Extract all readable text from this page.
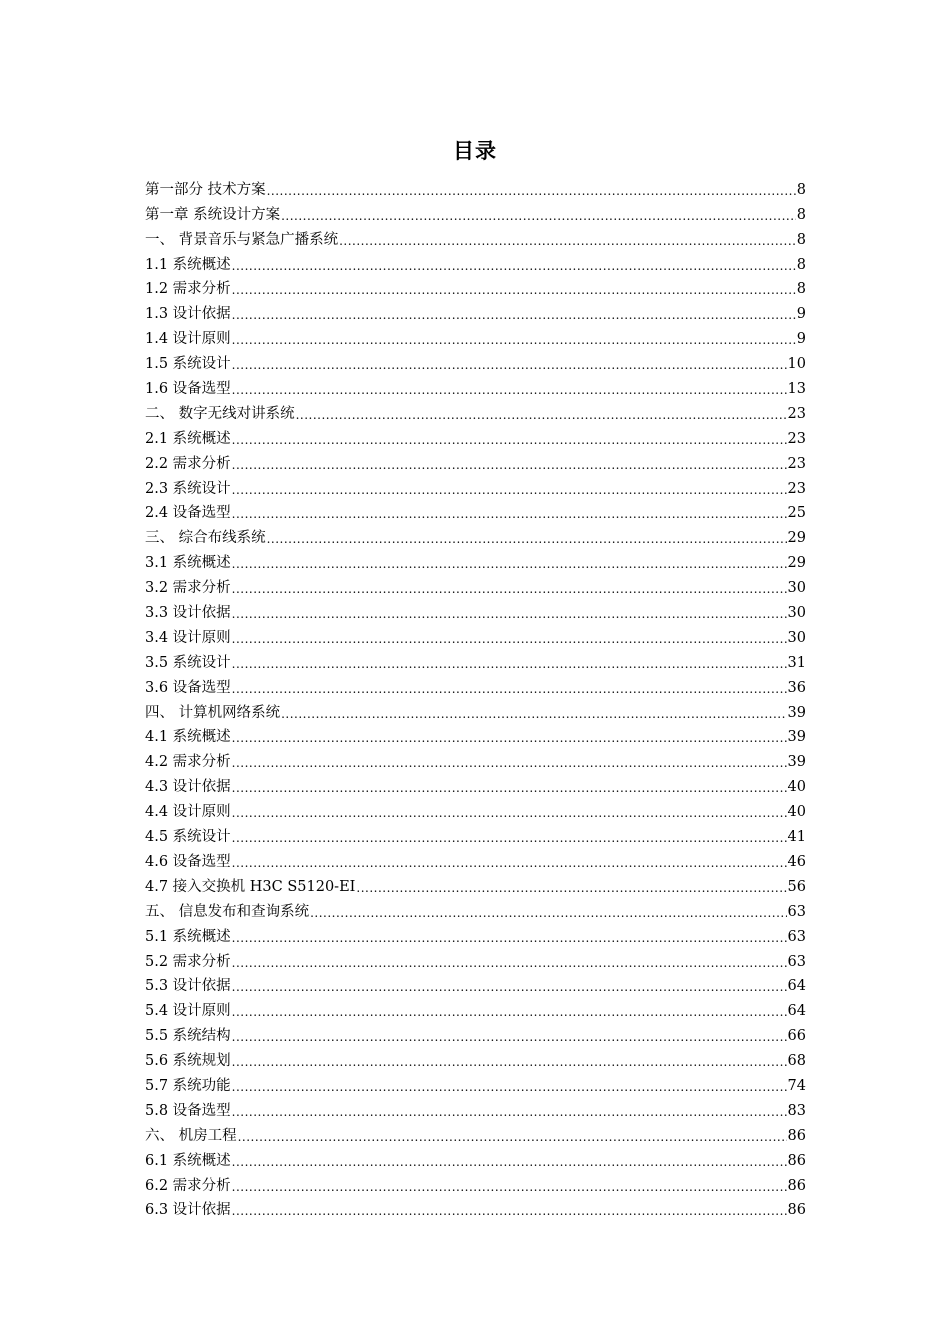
目录
第一部分 技术方案 .....	8
第一章 系统设计方案 .....	8
一、 背景音乐与紧急广播系统 .....	8
1.1 系统概述 .....	8
1.2 需求分析 .....	8
1.3 设计依据 .....	9
1.4 设计原则 .....	9
1.5 系统设计 .....	10
1.6 设备选型 .....	13
二、 数字无线对讲系统 .....	23
2.1 系统概述 .....	23
2.2 需求分析 .....	23
2.3 系统设计 .....	23
2.4 设备选型 .....	25
三、 综合布线系统 .....	29
3.1 系统概述 .....	29
3.2 需求分析 .....	30
3.3 设计依据 .....	30
3.4 设计原则 .....	30
3.5 系统设计 .....	31
3.6 设备选型 .....	36
四、 计算机网络系统 .....	39
4.1 系统概述 .....	39
4.2 需求分析 .....	39
4.3 设计依据 .....	40
4.4 设计原则 .....	40
4.5 系统设计 .....	41
4.6 设备选型 .....	46
4.7 接入交换机 H3C S5120-EI .....	56
五、 信息发布和查询系统 .....	63
5.1 系统概述 .....	63
5.2 需求分析 .....	63
5.3 设计依据 .....	64
5.4 设计原则 .....	64
5.5 系统结构 .....	66
5.6 系统规划 .....	68
5.7 系统功能 .....	74
5.8 设备选型 .....	83
六、 机房工程 .....	86
6.1 系统概述 .....	86
6.2 需求分析 .....	86
6.3 设计依据 .....	86
